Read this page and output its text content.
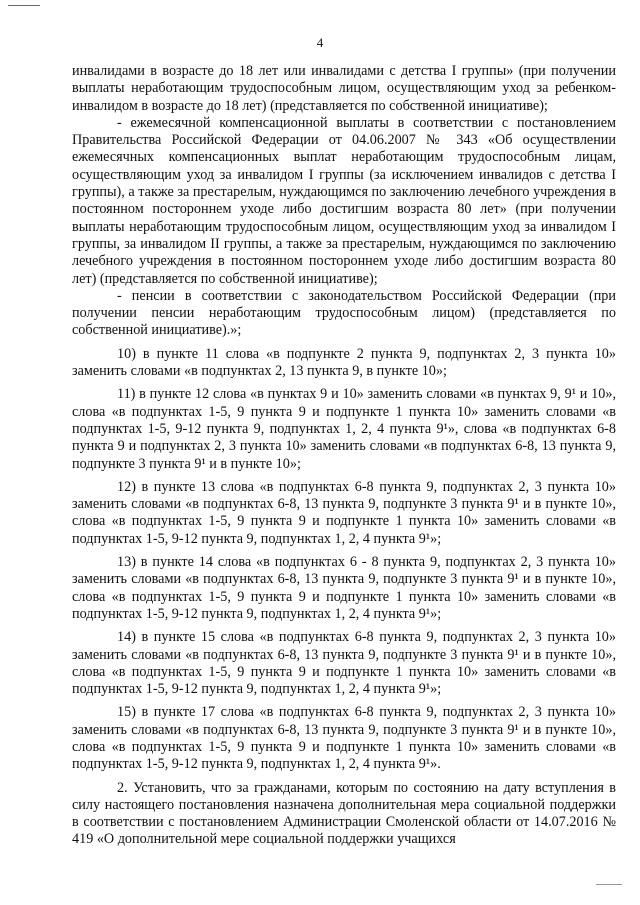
4

инвалидами в возрасте до 18 лет или инвалидами с детства I группы» (при получении выплаты неработающим трудоспособным лицом, осуществляющим уход за ребенком-инвалидом в возрасте до 18 лет) (представляется по собственной инициативе);

- ежемесячной компенсационной выплаты в соответствии с постановлением Правительства Российской Федерации от 04.06.2007 № 343 «Об осуществлении ежемесячных компенсационных выплат неработающим трудоспособным лицам, осуществляющим уход за инвалидом I группы (за исключением инвалидов с детства I группы), а также за престарелым, нуждающимся по заключению лечебного учреждения в постоянном постороннем уходе либо достигшим возраста 80 лет» (при получении выплаты неработающим трудоспособным лицом, осуществляющим уход за инвалидом I группы, за инвалидом II группы, а также за престарелым, нуждающимся по заключению лечебного учреждения в постоянном постороннем уходе либо достигшим возраста 80 лет) (представляется по собственной инициативе);

- пенсии в соответствии с законодательством Российской Федерации (при получении пенсии неработающим трудоспособным лицом) (представляется по собственной инициативе).»;

10) в пункте 11 слова «в подпункте 2 пункта 9, подпунктах 2, 3 пункта 10» заменить словами «в подпунктах 2, 13 пункта 9, в пункте 10»;

11) в пункте 12 слова «в пунктах 9 и 10» заменить словами «в пунктах 9, 9¹ и 10», слова «в подпунктах 1-5, 9 пункта 9 и подпункте 1 пункта 10» заменить словами «в подпунктах 1-5, 9-12 пункта 9, подпунктах 1, 2, 4 пункта 9¹», слова «в подпунктах 6-8 пункта 9 и подпунктах 2, 3 пункта 10» заменить словами «в подпунктах 6-8, 13 пункта 9, подпункте 3 пункта 9¹ и в пункте 10»;

12) в пункте 13 слова «в подпунктах 6-8 пункта 9, подпунктах 2, 3 пункта 10» заменить словами «в подпунктах 6-8, 13 пункта 9, подпункте 3 пункта 9¹ и в пункте 10», слова «в подпунктах 1-5, 9 пункта 9 и подпункте 1 пункта 10» заменить словами «в подпунктах 1-5, 9-12 пункта 9, подпунктах 1, 2, 4 пункта 9¹»;

13) в пункте 14 слова «в подпунктах 6 - 8 пункта 9, подпунктах 2, 3 пункта 10» заменить словами «в подпунктах 6-8, 13 пункта 9, подпункте 3 пункта 9¹ и в пункте 10», слова «в подпунктах 1-5, 9 пункта 9 и подпункте 1 пункта 10» заменить словами «в подпунктах 1-5, 9-12 пункта 9, подпунктах 1, 2, 4 пункта 9¹»;

14) в пункте 15 слова «в подпунктах 6-8 пункта 9, подпунктах 2, 3 пункта 10» заменить словами «в подпунктах 6-8, 13 пункта 9, подпункте 3 пункта 9¹ и в пункте 10», слова «в подпунктах 1-5, 9 пункта 9 и подпункте 1 пункта 10» заменить словами «в подпунктах 1-5, 9-12 пункта 9, подпунктах 1, 2, 4 пункта 9¹»;

15) в пункте 17 слова «в подпунктах 6-8 пункта 9, подпунктах 2, 3 пункта 10» заменить словами «в подпунктах 6-8, 13 пункта 9, подпункте 3 пункта 9¹ и в пункте 10», слова «в подпунктах 1-5, 9 пункта 9 и подпункте 1 пункта 10» заменить словами «в подпунктах 1-5, 9-12 пункта 9, подпунктах 1, 2, 4 пункта 9¹».

2. Установить, что за гражданами, которым по состоянию на дату вступления в силу настоящего постановления назначена дополнительная мера социальной поддержки в соответствии с постановлением Администрации Смоленской области от 14.07.2016 № 419 «О дополнительной мере социальной поддержки учащихся
